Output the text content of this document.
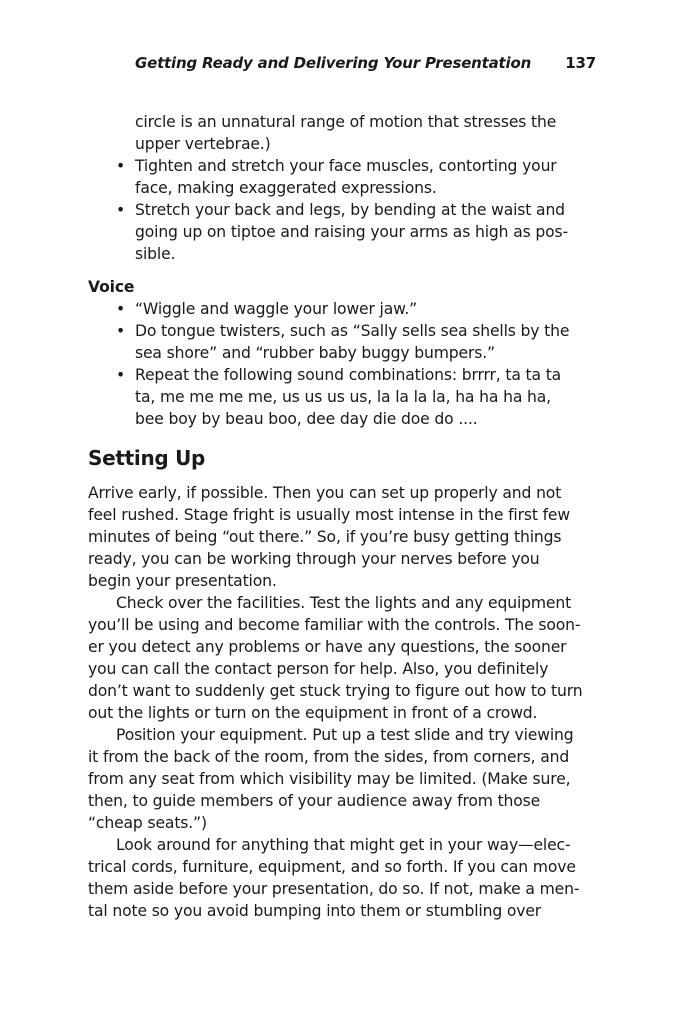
Getting Ready and Delivering Your Presentation 137
circle is an unnatural range of motion that stresses the
upper vertebrae.)
• Tighten and stretch your face muscles, contorting your
face, making exaggerated expressions.
• Stretch your back and legs, by bending at the waist and
going up on tiptoe and raising your arms as high as pos-
sible.
Voice
• “Wiggle and waggle your lower jaw.”
• Do tongue twisters, such as “Sally sells sea shells by the
sea shore” and “rubber baby buggy bumpers.”
• Repeat the following sound combinations: brrrr, ta ta ta
ta, me me me me, us us us us, la la la la, ha ha ha ha,
bee boy by beau boo, dee day die doe do ....
Setting Up
Arrive early, if possible. Then you can set up properly and not
feel rushed. Stage fright is usually most intense in the first few
minutes of being “out there.” So, if you’re busy getting things
ready, you can be working through your nerves before you
begin your presentation.
Check over the facilities. Test the lights and any equipment
you’ll be using and become familiar with the controls. The soon-
er you detect any problems or have any questions, the sooner
you can call the contact person for help. Also, you definitely
don’t want to suddenly get stuck trying to figure out how to turn
out the lights or turn on the equipment in front of a crowd.
Position your equipment. Put up a test slide and try viewing
it from the back of the room, from the sides, from corners, and
from any seat from which visibility may be limited. (Make sure,
then, to guide members of your audience away from those
“cheap seats.”)
Look around for anything that might get in your way—elec-
trical cords, furniture, equipment, and so forth. If you can move
them aside before your presentation, do so. If not, make a men-
tal note so you avoid bumping into them or stumbling over
